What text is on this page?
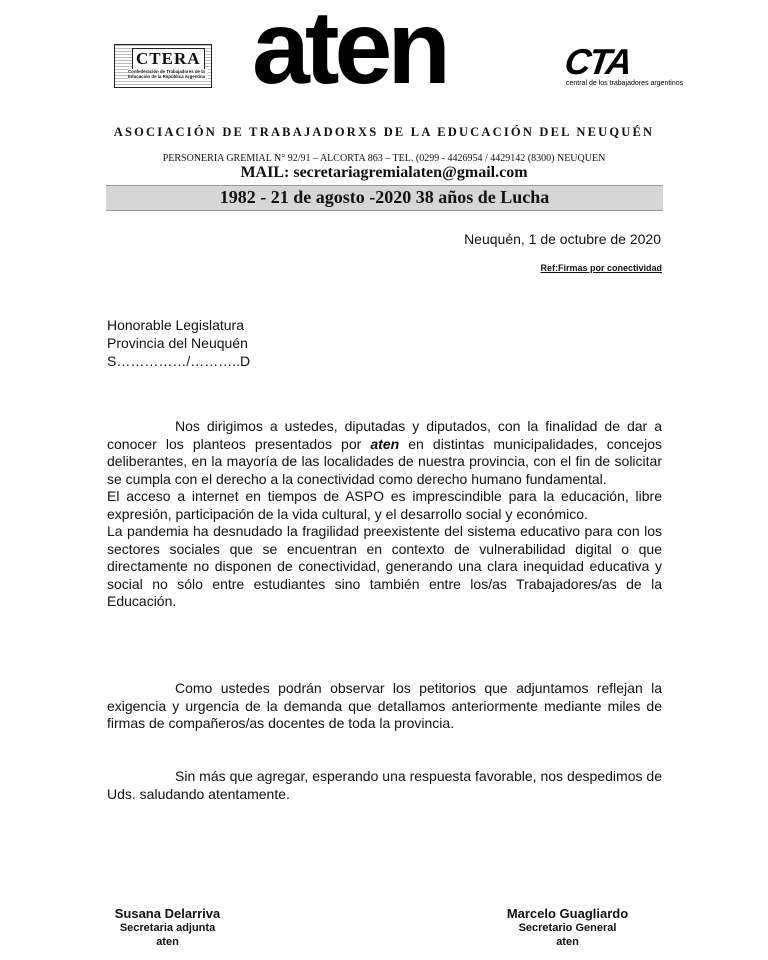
CTERA
Confederación de Trabajadores de la Educación de la República Argentina aten	CTA
central de los trabajadores argentinos
ASOCIACIÓN DE TRABAJADORXS DE LA EDUCACIÓN DEL NEUQUÉN
PERSONERIA GREMIAL N° 92/91 – ALCORTA 863 – TEL. (0299 - 4426954 / 4429142 (8300) NEUQUEN
MAIL: secretariagremialaten@gmail.com
1982 - 21 de agosto -2020 38 años de Lucha
Neuquén, 1 de octubre de 2020
Ref:Firmas por conectividad
Honorable Legislatura
Provincia del Neuquén
S……………/………..D

Nos dirigimos a ustedes, diputadas y diputados, con la finalidad de dar a conocer los planteos presentados por aten en distintas municipalidades, concejos deliberantes, en la mayoría de las localidades de nuestra provincia, con el fin de solicitar se cumpla con el derecho a la conectividad como derecho humano fundamental.

El acceso a internet en tiempos de ASPO es imprescindible para la educación, libre expresión, participación de la vida cultural, y el desarrollo social y económico.

La pandemia ha desnudado la fragilidad preexistente del sistema educativo para con los sectores sociales que se encuentran en contexto de vulnerabilidad digital o que directamente no disponen de conectividad, generando una clara inequidad educativa y social no sólo entre estudiantes sino también entre los/as Trabajadores/as de la Educación.

Como ustedes podrán observar los petitorios que adjuntamos reflejan la exigencia y urgencia de la demanda que detallamos anteriormente mediante miles de firmas de compañeros/as docentes de toda la provincia.

Sin más que agregar, esperando una respuesta favorable, nos despedimos de Uds. saludando atentamente.

Susana Delarriva
Secretaria adjunta
aten
Marcelo Guagliardo
Secretario General
aten
